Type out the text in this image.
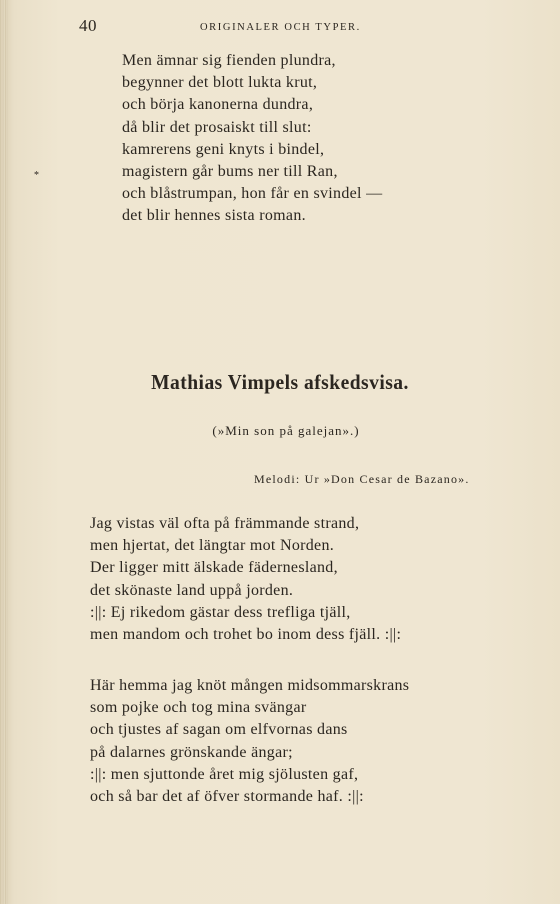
40	ORIGINALER OCH TYPER.
*
Men ämnar sig fienden plundra,
begynner det blott lukta krut,
och börja kanonerna dundra,
då blir det prosaiskt till slut:
kamrerens geni knyts i bindel,
magistern går bums ner till Ran,
och blåstrumpan, hon får en svindel —
det blir hennes sista roman.
Mathias Vimpels afskedsvisa.
(»Min son på galejan».)
Melodi: Ur »Don Cesar de Bazano».
Jag vistas väl ofta på främmande strand,
men hjertat, det längtar mot Norden.
Der ligger mitt älskade fädernesland,
det skönaste land uppå jorden.
:||: Ej rikedom gästar dess trefliga tjäll,
men mandom och trohet bo inom dess fjäll. :||:
Här hemma jag knöt mången midsommarskrans
som pojke och tog mina svängar
och tjustes af sagan om elfvornas dans
på dalarnes grönskande ängar;
:||: men sjuttonde året mig sjölusten gaf,
och så bar det af öfver stormande haf. :||:
